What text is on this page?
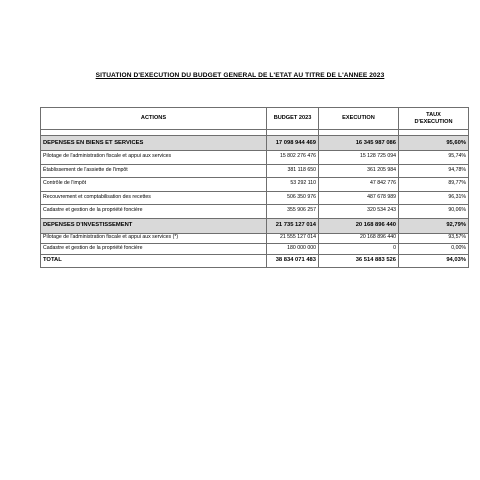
SITUATION D'EXECUTION DU BUDGET GENERAL DE L'ETAT AU TITRE DE L'ANNEE 2023
ACTIONS	BUDGET 2023	EXECUTION	TAUX
D'EXECUTION

DEPENSES EN BIENS ET SERVICES	17 098 944 469	16 345 987 086	95,60%
Pilotage de l'administration fiscale et appui aux services	15 802 276 476	15 128 725 094	95,74%
Établissement de l'assiette de l'impôt	381 118 650	361 205 984	94,78%
Contrôle de l'impôt	53 292 110	47 842 776	89,77%
Recouvrement et comptabilisation des recettes	506 350 976	487 678 989	96,31%
Cadastre et gestion de la propriété foncière	355 906 257	320 534 243	90,06%
DEPENSES D'INVESTISSEMENT	21 735 127 014	20 168 896 440	92,79%
Pilotage de l'administration fiscale et appui aux services (*)	21 555 127 014	20 168 896 440	93,57%
Cadastre et gestion de la propriété foncière	180 000 000	0	0,00%
TOTAL	38 834 071 483	36 514 883 526	94,03%
